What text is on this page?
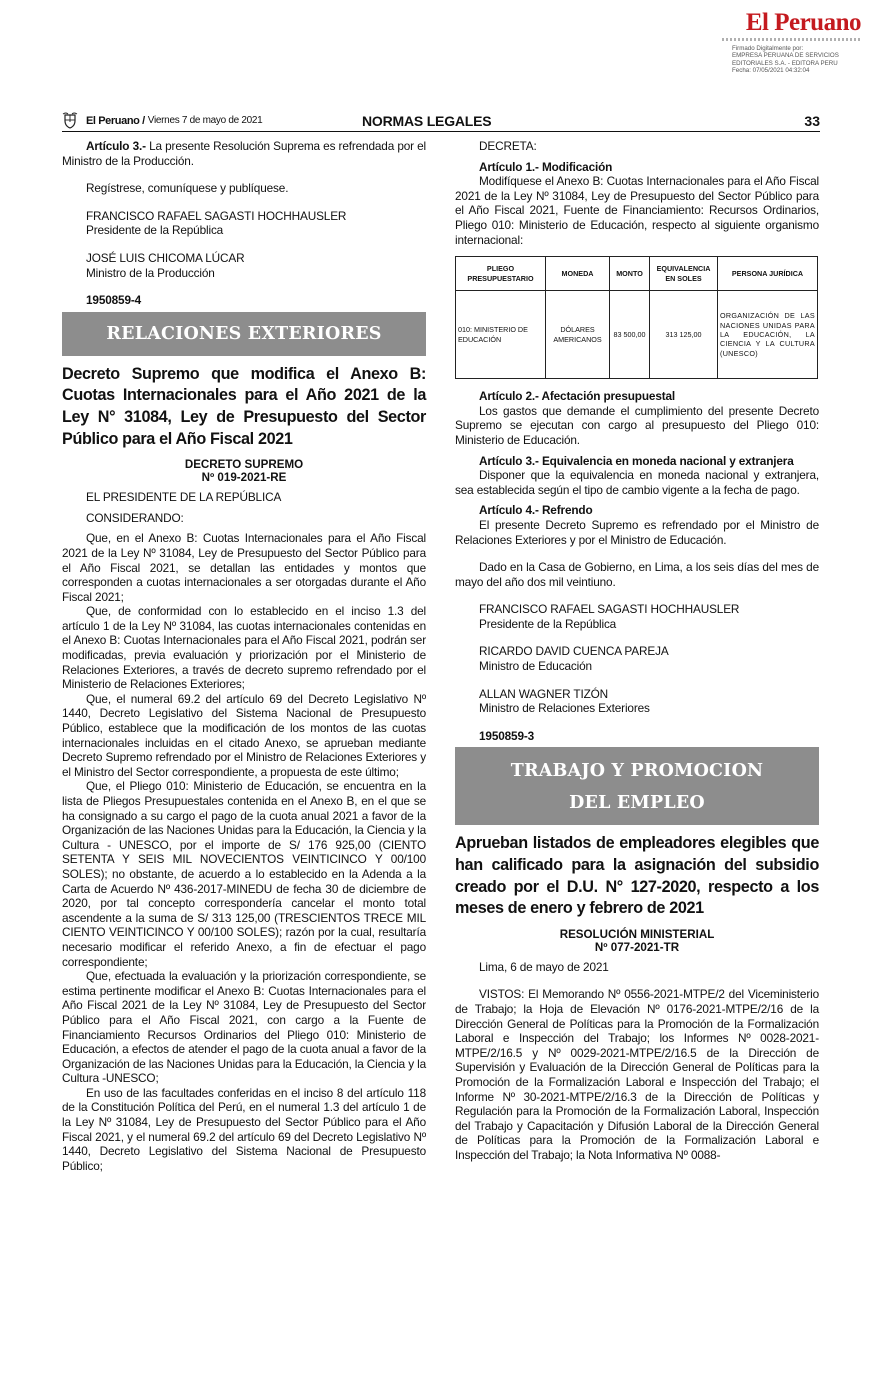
El Peruano
Firmado Digitalmente por:
EMPRESA PERUANA DE SERVICIOS
EDITORIALES S.A. - EDITORA PERU
Fecha: 07/05/2021 04:32:04
El Peruano / Viernes 7 de mayo de 2021	NORMAS LEGALES	33

Artículo 3.- La presente Resolución Suprema es refrendada por el Ministro de la Producción.

Regístrese, comuníquese y publíquese.

FRANCISCO RAFAEL SAGASTI HOCHHAUSLER

Presidente de la República

JOSÉ LUIS CHICOMA LÚCAR

Ministro de la Producción

1950859-4

RELACIONES EXTERIORES
Decreto Supremo que modifica el Anexo B: Cuotas Internacionales para el Año 2021 de la Ley N° 31084, Ley de Presupuesto del Sector Público para el Año Fiscal 2021
DECRETO SUPREMO
Nº 019-2021-RE

EL PRESIDENTE DE LA REPÚBLICA

CONSIDERANDO:

Que, en el Anexo B: Cuotas Internacionales para el Año Fiscal 2021 de la Ley Nº 31084, Ley de Presupuesto del Sector Público para el Año Fiscal 2021, se detallan las entidades y montos que corresponden a cuotas internacionales a ser otorgadas durante el Año Fiscal 2021;

Que, de conformidad con lo establecido en el inciso 1.3 del artículo 1 de la Ley Nº 31084, las cuotas internacionales contenidas en el Anexo B: Cuotas Internacionales para el Año Fiscal 2021, podrán ser modificadas, previa evaluación y priorización por el Ministerio de Relaciones Exteriores, a través de decreto supremo refrendado por el Ministerio de Relaciones Exteriores;

Que, el numeral 69.2 del artículo 69 del Decreto Legislativo Nº 1440, Decreto Legislativo del Sistema Nacional de Presupuesto Público, establece que la modificación de los montos de las cuotas internacionales incluidas en el citado Anexo, se aprueban mediante Decreto Supremo refrendado por el Ministro de Relaciones Exteriores y el Ministro del Sector correspondiente, a propuesta de este último;

Que, el Pliego 010: Ministerio de Educación, se encuentra en la lista de Pliegos Presupuestales contenida en el Anexo B, en el que se ha consignado a su cargo el pago de la cuota anual 2021 a favor de la Organización de las Naciones Unidas para la Educación, la Ciencia y la Cultura - UNESCO, por el importe de S/ 176 925,00 (CIENTO SETENTA Y SEIS MIL NOVECIENTOS VEINTICINCO Y 00/100 SOLES); no obstante, de acuerdo a lo establecido en la Adenda a la Carta de Acuerdo Nº 436-2017-MINEDU de fecha 30 de diciembre de 2020, por tal concepto correspondería cancelar el monto total ascendente a la suma de S/ 313 125,00 (TRESCIENTOS TRECE MIL CIENTO VEINTICINCO Y 00/100 SOLES); razón por la cual, resultaría necesario modificar el referido Anexo, a fin de efectuar el pago correspondiente;

Que, efectuada la evaluación y la priorización correspondiente, se estima pertinente modificar el Anexo B: Cuotas Internacionales para el Año Fiscal 2021 de la Ley Nº 31084, Ley de Presupuesto del Sector Público para el Año Fiscal 2021, con cargo a la Fuente de Financiamiento Recursos Ordinarios del Pliego 010: Ministerio de Educación, a efectos de atender el pago de la cuota anual a favor de la Organización de las Naciones Unidas para la Educación, la Ciencia y la Cultura -UNESCO;

En uso de las facultades conferidas en el inciso 8 del artículo 118 de la Constitución Política del Perú, en el numeral 1.3 del artículo 1 de la Ley Nº 31084, Ley de Presupuesto del Sector Público para el Año Fiscal 2021, y el numeral 69.2 del artículo 69 del Decreto Legislativo Nº 1440, Decreto Legislativo del Sistema Nacional de Presupuesto Público;

DECRETA:

Artículo 1.- Modificación

Modifíquese el Anexo B: Cuotas Internacionales para el Año Fiscal 2021 de la Ley Nº 31084, Ley de Presupuesto del Sector Público para el Año Fiscal 2021, Fuente de Financiamiento: Recursos Ordinarios, Pliego 010: Ministerio de Educación, respecto al siguiente organismo internacional:

PLIEGO PRESUPUESTARIO	MONEDA	MONTO	EQUIVALENCIA EN SOLES	PERSONA JURÍDICA
010: MINISTERIO DE EDUCACIÓN	DÓLARES AMERICANOS	83 500,00	313 125,00	ORGANIZACIÓN DE LAS NACIONES UNIDAS PARA LA EDUCACIÓN, LA CIENCIA Y LA CULTURA (UNESCO)

Artículo 2.- Afectación presupuestal

Los gastos que demande el cumplimiento del presente Decreto Supremo se ejecutan con cargo al presupuesto del Pliego 010: Ministerio de Educación.

Artículo 3.- Equivalencia en moneda nacional y extranjera

Disponer que la equivalencia en moneda nacional y extranjera, sea establecida según el tipo de cambio vigente a la fecha de pago.

Artículo 4.- Refrendo

El presente Decreto Supremo es refrendado por el Ministro de Relaciones Exteriores y por el Ministro de Educación.

Dado en la Casa de Gobierno, en Lima, a los seis días del mes de mayo del año dos mil veintiuno.

FRANCISCO RAFAEL SAGASTI HOCHHAUSLER

Presidente de la República

RICARDO DAVID CUENCA PAREJA

Ministro de Educación

ALLAN WAGNER TIZÓN

Ministro de Relaciones Exteriores

1950859-3

TRABAJO Y PROMOCION
DEL EMPLEO
Aprueban listados de empleadores elegibles que han calificado para la asignación del subsidio creado por el D.U. N° 127-2020, respecto a los meses de enero y febrero de 2021
RESOLUCIÓN MINISTERIAL
Nº 077-2021-TR

Lima, 6 de mayo de 2021

VISTOS: El Memorando Nº 0556-2021-MTPE/2 del Viceministerio de Trabajo; la Hoja de Elevación Nº 0176-2021-MTPE/2/16 de la Dirección General de Políticas para la Promoción de la Formalización Laboral e Inspección del Trabajo; los Informes Nº 0028-2021-MTPE/2/16.5 y Nº 0029-2021-MTPE/2/16.5 de la Dirección de Supervisión y Evaluación de la Dirección General de Políticas para la Promoción de la Formalización Laboral e Inspección del Trabajo; el Informe Nº 30-2021-MTPE/2/16.3 de la Dirección de Políticas y Regulación para la Promoción de la Formalización Laboral, Inspección del Trabajo y Capacitación y Difusión Laboral de la Dirección General de Políticas para la Promoción de la Formalización Laboral e Inspección del Trabajo; la Nota Informativa Nº 0088-
